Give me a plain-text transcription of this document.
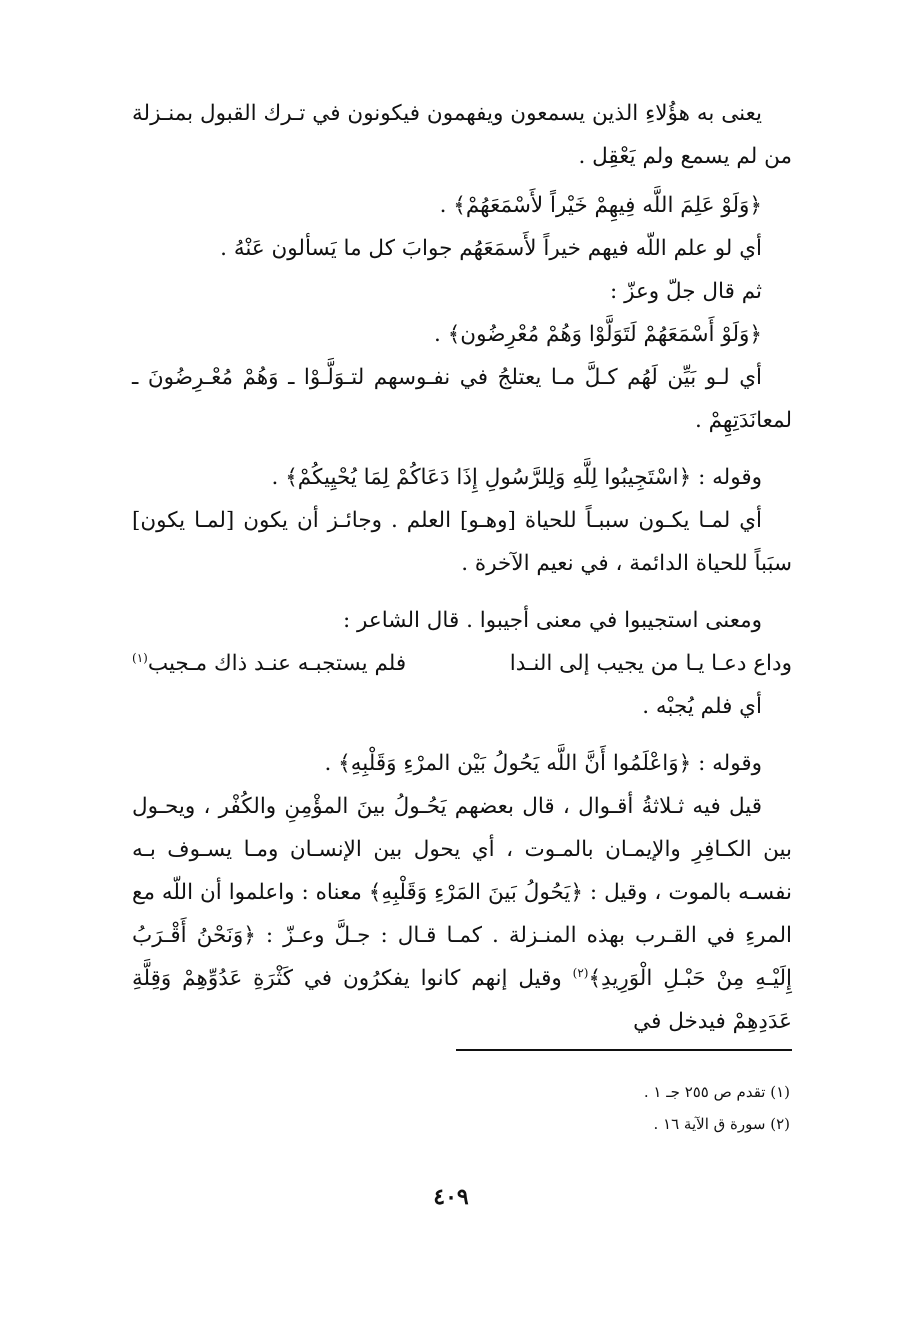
يعنى به هؤُلاءِ الذين يسمعون ويفهمون فيكونون في تـرك القبول بمنـزلة من لم يسمع ولم يَعْقِل .

﴿وَلَوْ عَلِمَ اللَّه فِيهِمْ خَيْراً لأَسْمَعَهُمْ﴾ .

أي لو علم اللّه فيهم خيراً لأَسمَعَهُم جوابَ كل ما يَسألون عَنْهُ .

ثم قال جلّ وعزّ :

﴿وَلَوْ أَسْمَعَهُمْ لَتَوَلَّوْا وَهُمْ مُعْرِضُون﴾ .

أي لـو بَيِّن لَهُم كـلَّ مـا يعتلجُ في نفـوسهم لتـوَلَّـوْا ـ وَهُمْ مُعْـرِضُونَ ـ لمعانَدَتِهِمْ .

وقوله : ﴿اسْتَجِيبُوا لِلَّهِ وَلِلرَّسُولِ إِذَا دَعَاكُمْ لِمَا يُحْيِيكُمْ﴾ .

أي لمـا يكـون سببـاً للحياة [وهـو] العلم . وجائـز أن يكون [لمـا يكون] سبَباً للحياة الدائمة ، في نعيم الآخرة .

ومعنى استجيبوا في معنى أجيبوا . قال الشاعر :

وداع دعـا يـا من يجيب إلى النـدا
فلم يستجبـه عنـد ذاك مـجيب$^{(١)}$

أي فلم يُجبْه .

وقوله : ﴿وَاعْلَمُوا أَنَّ اللَّه يَحُولُ بَيْن المرْءِ وَقَلْبِهِ﴾ .

قيل فيه ثـلاثةُ أقـوال ، قال بعضهم يَحُـولُ بينَ المؤْمِنِ والكُفْر ، ويحـول بين الكـافِرِ والإيمـان بالمـوت ، أي يحول بين الإنسـان ومـا يسـوف بـه نفسـه بالموت ، وقيل : ﴿يَحُولُ بَينَ المَرْءِ وَقَلْبِهِ﴾ معناه : واعلموا أن اللّه مع المرءِ في القـرب بهذه المنـزلة . كمـا قـال : جـلَّ وعـزّ : ﴿وَنَحْنُ أَقْـرَبُ إِلَيْـهِ مِنْ حَبْـلِ الْوَرِيدِ﴾$^{(٢)}$ وقيل إنهم كانوا يفكرُون في كَثْرَةِ عَدُوِّهِمْ وَقِلَّةِ عَدَدِهِمْ فيدخل في

(١) تقدم ص ٢٥٥ جـ ١ .

(٢) سورة ق الآية ١٦ .

٤٠٩
